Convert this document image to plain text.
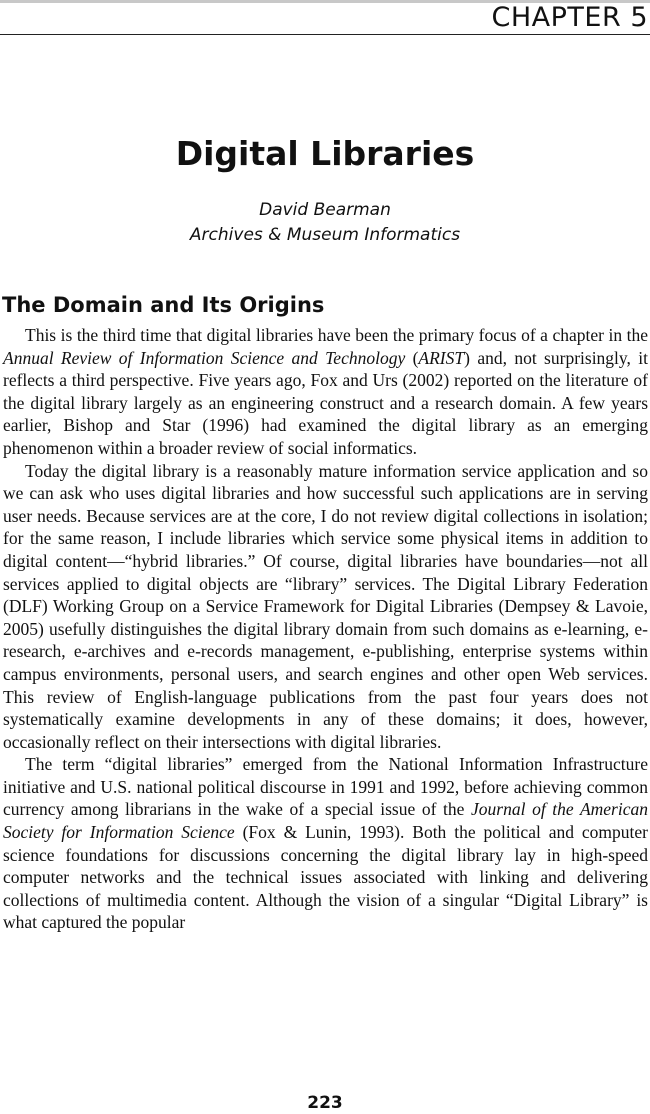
CHAPTER 5
Digital Libraries
David Bearman
Archives & Museum Informatics
The Domain and Its Origins

This is the third time that digital libraries have been the primary focus of a chapter in the Annual Review of Information Science and Technology (ARIST) and, not surprisingly, it reflects a third perspective. Five years ago, Fox and Urs (2002) reported on the literature of the digital library largely as an engineering construct and a research domain. A few years earlier, Bishop and Star (1996) had examined the digital library as an emerging phenomenon within a broader review of social informatics.

Today the digital library is a reasonably mature information service application and so we can ask who uses digital libraries and how successful such applications are in serving user needs. Because services are at the core, I do not review digital collections in isolation; for the same reason, I include libraries which service some physical items in addition to digital content—“hybrid libraries.” Of course, digital libraries have boundaries—not all services applied to digital objects are “library” services. The Digital Library Federation (DLF) Working Group on a Service Framework for Digital Libraries (Dempsey & Lavoie, 2005) usefully distinguishes the digital library domain from such domains as e-learning, e-research, e-archives and e-records management, e-publishing, enterprise systems within campus environments, personal users, and search engines and other open Web services. This review of English-language publications from the past four years does not systematically examine developments in any of these domains; it does, however, occasionally reflect on their intersections with digital libraries.

The term “digital libraries” emerged from the National Information Infrastructure initiative and U.S. national political discourse in 1991 and 1992, before achieving common currency among librarians in the wake of a special issue of the Journal of the American Society for Information Science (Fox & Lunin, 1993). Both the political and computer science foundations for discussions concerning the digital library lay in high-speed computer networks and the technical issues associated with linking and delivering collections of multimedia content. Although the vision of a singular “Digital Library” is what captured the popular

223
